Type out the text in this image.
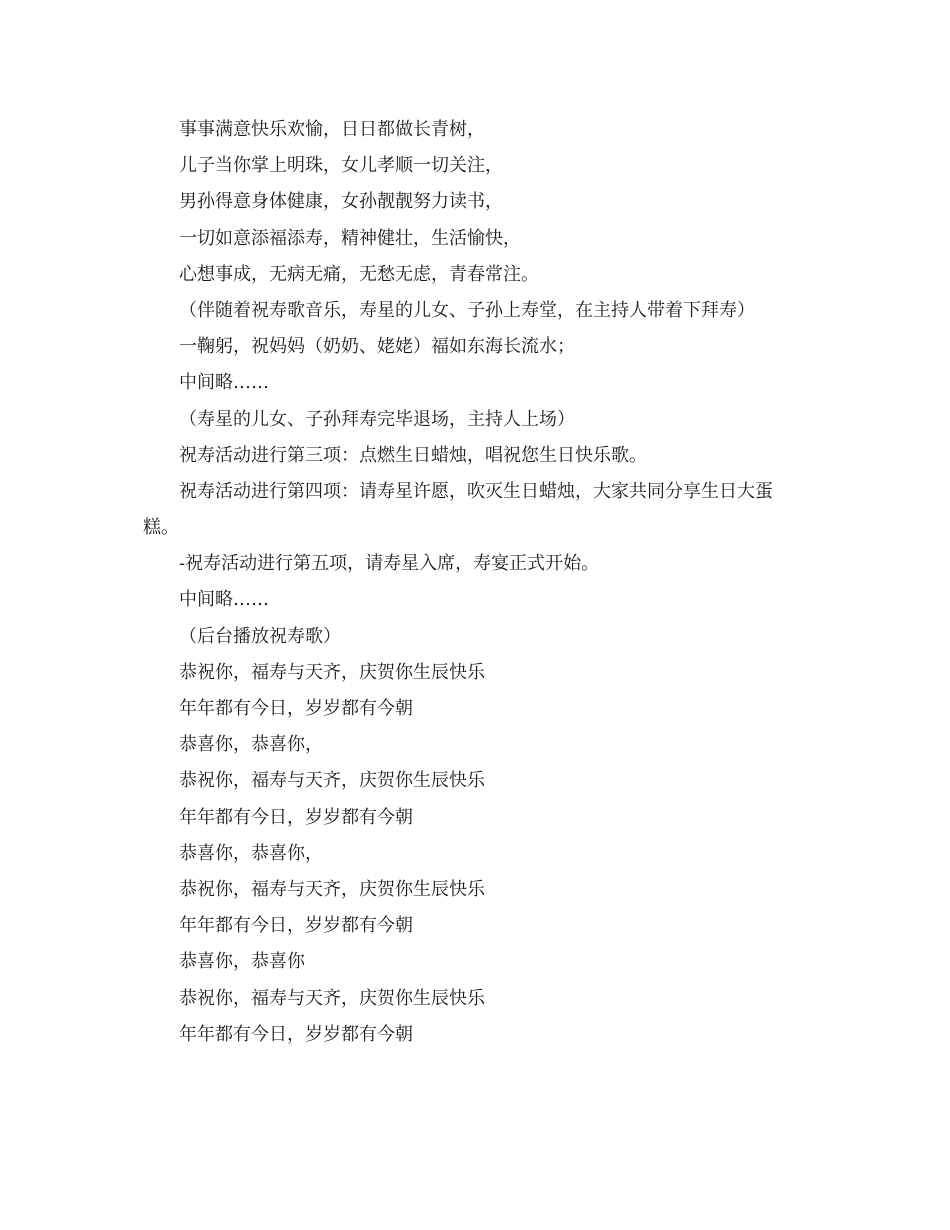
事事满意快乐欢愉，日日都做长青树，
儿子当你掌上明珠，女儿孝顺一切关注，
男孙得意身体健康，女孙靓靓努力读书，
一切如意添福添寿，精神健壮，生活愉快，
心想事成，无病无痛，无愁无虑，青春常注。
（伴随着祝寿歌音乐，寿星的儿女、子孙上寿堂，在主持人带着下拜寿）
一鞠躬，祝妈妈（奶奶、姥姥）福如东海长流水；
中间略……
（寿星的儿女、子孙拜寿完毕退场，主持人上场）
祝寿活动进行第三项：点燃生日蜡烛，唱祝您生日快乐歌。
祝寿活动进行第四项：请寿星许愿，吹灭生日蜡烛，大家共同分享生日大蛋糕。
-祝寿活动进行第五项，请寿星入席，寿宴正式开始。
中间略……
（后台播放祝寿歌）
恭祝你，福寿与天齐，庆贺你生辰快乐
年年都有今日，岁岁都有今朝
恭喜你，恭喜你，
恭祝你，福寿与天齐，庆贺你生辰快乐
年年都有今日，岁岁都有今朝
恭喜你，恭喜你，
恭祝你，福寿与天齐，庆贺你生辰快乐
年年都有今日，岁岁都有今朝
恭喜你，恭喜你
恭祝你，福寿与天齐，庆贺你生辰快乐
年年都有今日，岁岁都有今朝
